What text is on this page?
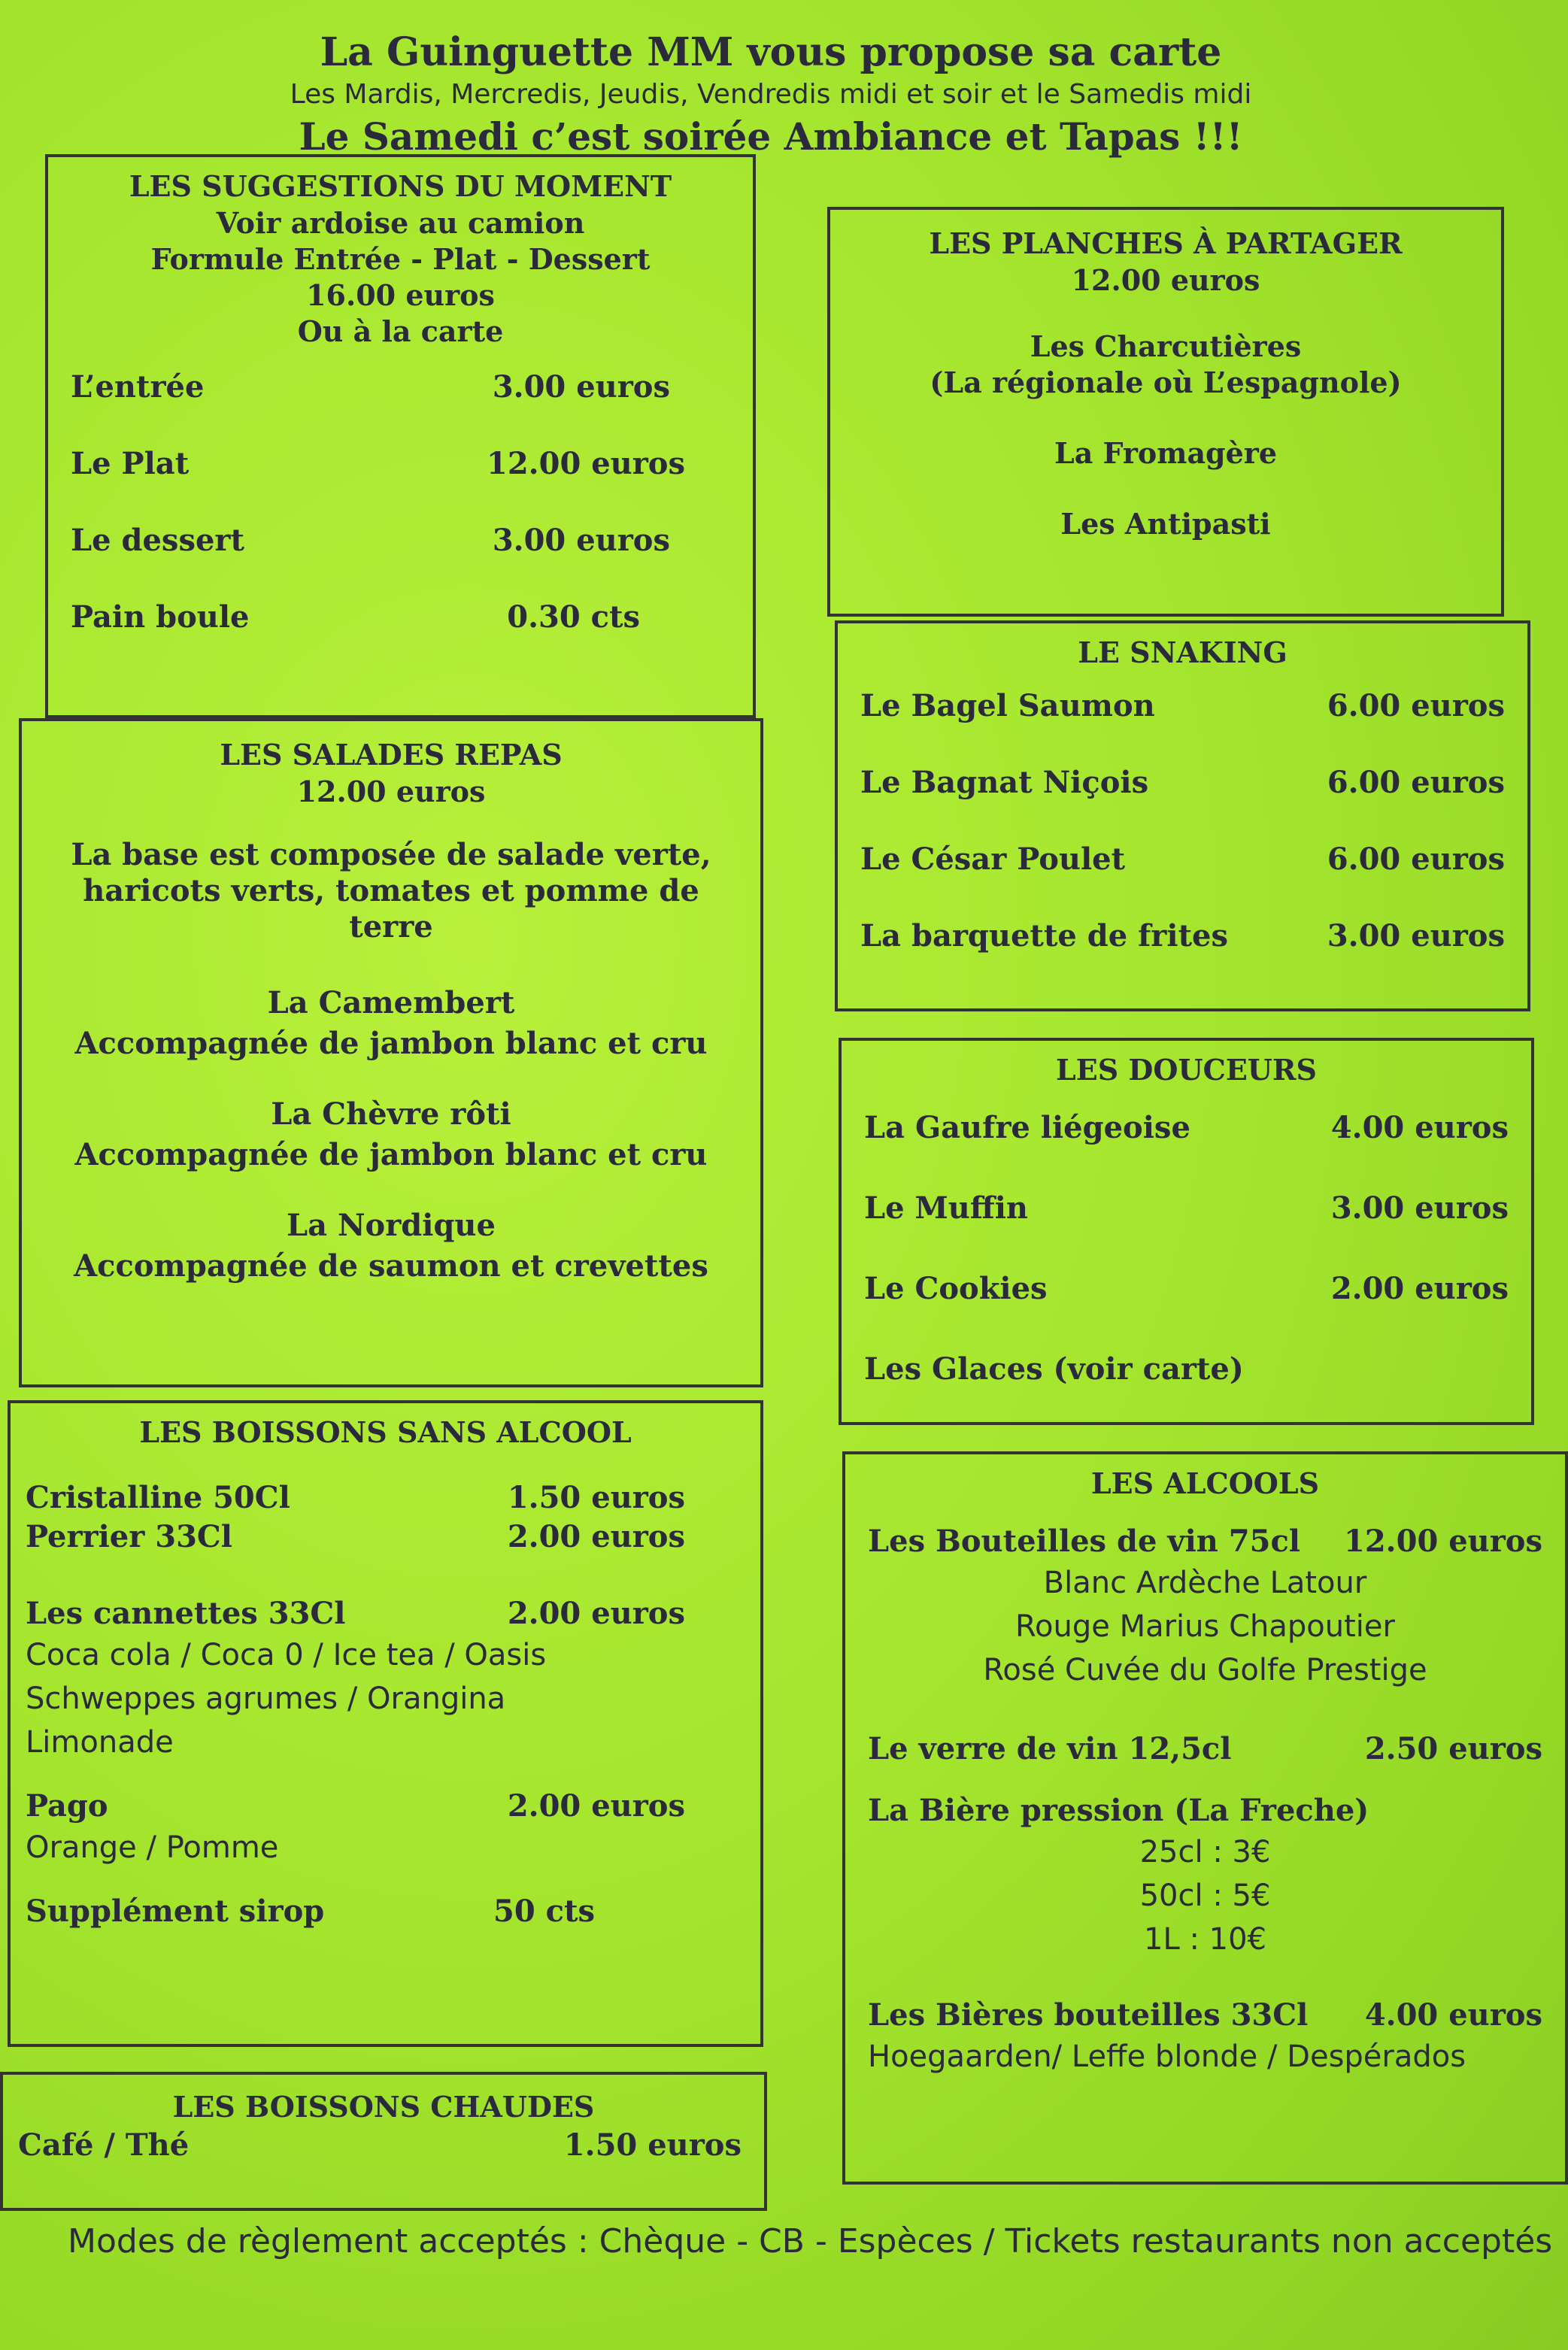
La Guinguette MM vous propose sa carte
Les Mardis, Mercredis, Jeudis, Vendredis midi et soir et le Samedis midi
Le Samedi c’est soirée Ambiance et Tapas !!!
LES SUGGESTIONS DU MOMENT
Voir ardoise au camion
Formule Entrée - Plat - Dessert
16.00 euros
Ou à la carte
L’entrée	3.00 euros
Le Plat	12.00 euros
Le dessert	3.00 euros
Pain boule	0.30 cts
LES PLANCHES À PARTAGER
12.00 euros
Les Charcutières
(La régionale où L’espagnole)
La Fromagère
Les Antipasti
LE SNAKING
Le Bagel Saumon	6.00 euros
Le Bagnat Niçois	6.00 euros
Le César Poulet	6.00 euros
La barquette de frites	3.00 euros
LES SALADES REPAS
12.00 euros
La base est composée de salade verte,
haricots verts, tomates et pomme de
terre
La Camembert
Accompagnée de jambon blanc et cru
La Chèvre rôti
Accompagnée de jambon blanc et cru
La Nordique
Accompagnée de saumon et crevettes
LES DOUCEURS
La Gaufre liégeoise	4.00 euros
Le Muffin	3.00 euros
Le Cookies	2.00 euros
Les Glaces (voir carte)
LES BOISSONS SANS ALCOOL
Cristalline 50Cl	1.50 euros
Perrier 33Cl	2.00 euros
Les cannettes 33Cl	2.00 euros
Coca cola / Coca 0 / Ice tea / Oasis
Schweppes agrumes / Orangina
Limonade
Pago	2.00 euros
Orange / Pomme
Supplément sirop	50 cts
LES ALCOOLS
Les Bouteilles de vin 75cl 12.00 euros
Blanc Ardèche Latour
Rouge Marius Chapoutier
Rosé Cuvée du Golfe Prestige
Le verre de vin 12,5cl	2.50 euros
La Bière pression (La Freche)
25cl : 3€
50cl : 5€
1L : 10€
Les Bières bouteilles 33Cl 4.00 euros
Hoegaarden/ Leffe blonde / Despérados
LES BOISSONS CHAUDES
Café / Thé	1.50 euros
Modes de règlement acceptés : Chèque - CB - Espèces / Tickets restaurants non acceptés
